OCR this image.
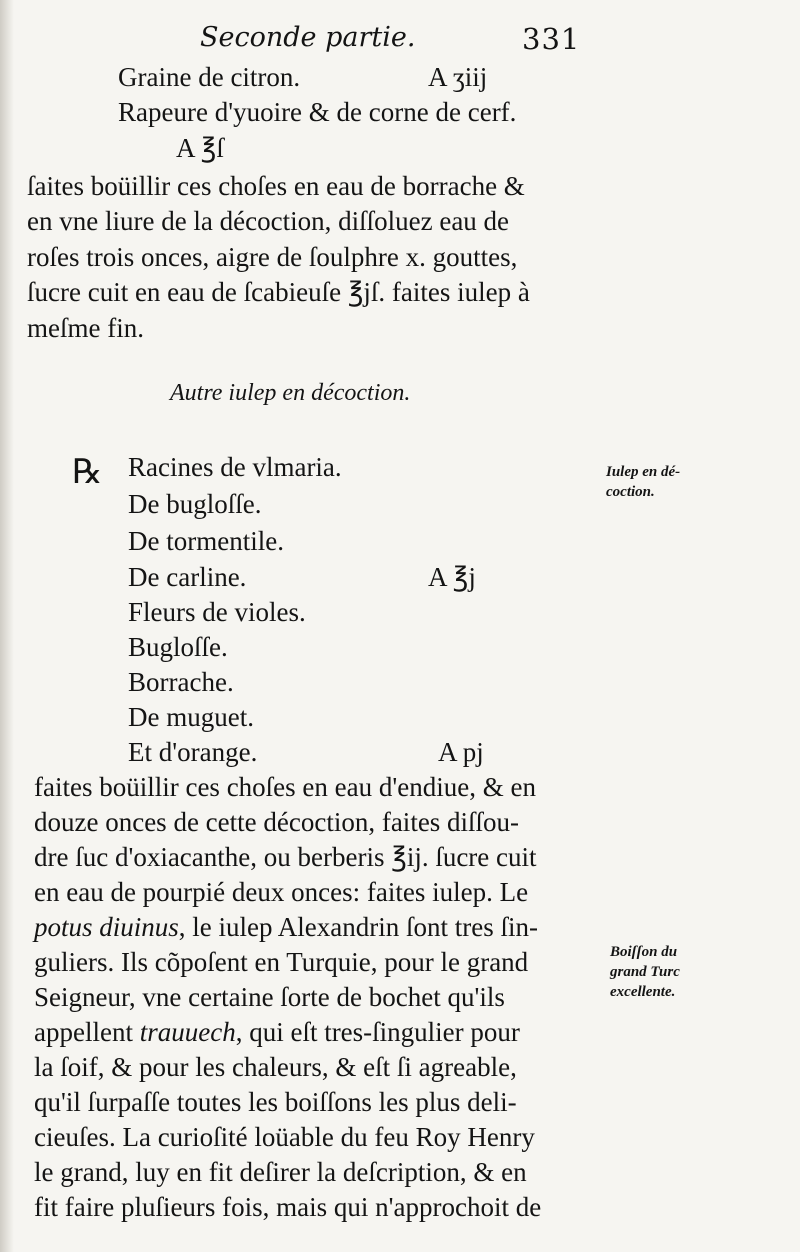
Seconde partie.	331
Graine de citron.	A ʒiij
Rapeure d'yuoire & de corne de cerf.
A ℥ſ
ſaites boüillir ces choſes en eau de borrache &
en vne liure de la décoction, diſſoluez eau de
roſes trois onces, aigre de ſoulphre x. gouttes,
ſucre cuit en eau de ſcabieuſe ℥jſ. faites iulep à
meſme fin.
Autre iulep en décoction.
℞ Racines de vlmaria.
De bugloſſe.
De tormentile.
De carline.	A ℥j
Fleurs de violes.
Bugloſſe.
Borrache.
De muguet.
Et d'orange.	A pj
faites boüillir ces choſes en eau d'endiue, & en
douze onces de cette décoction, faites diſſou-
dre ſuc d'oxiacanthe, ou berberis ℥ij. ſucre cuit
en eau de pourpié deux onces: faites iulep. Le
potus diuinus, le iulep Alexandrin ſont tres ſin-
guliers. Ils cõpoſent en Turquie, pour le grand
Seigneur, vne certaine ſorte de bochet qu'ils
appellent trauuech, qui eſt tres-ſingulier pour
la ſoif, & pour les chaleurs, & eſt ſi agreable,
qu'il ſurpaſſe toutes les boiſſons les plus deli-
cieuſes. La curioſité loüable du feu Roy Henry
le grand, luy en fit deſirer la deſcription, & en
fit faire pluſieurs fois, mais qui n'approchoit de
Iulep en dé-
coction.
Boiſſon du
grand Turc
excellente.
